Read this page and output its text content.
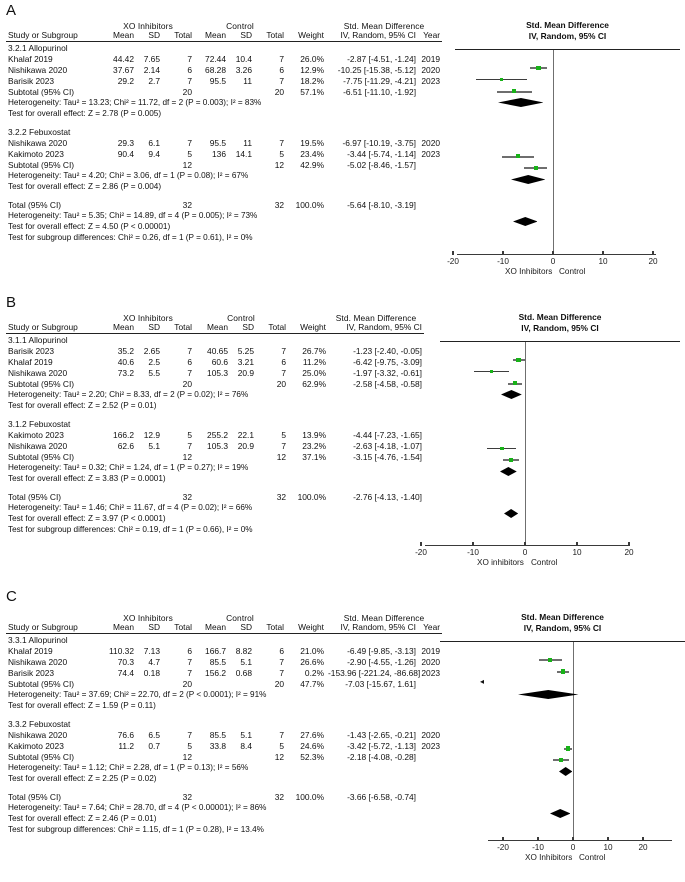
A
	XO Inhibitors			Control				Std. Mean Difference	
Study or Subgroup	Mean	SD	Total	Mean	SD	Total	Weight	IV, Random, 95% CI	Year

3.2.1 Allopurinol									
Khalaf 2019	44.42	7.65	7	72.44	10.4	7	26.0%	-2.87 [-4.51, -1.24]	2019
Nishikawa 2020	37.67	2.14	6	68.28	3.26	6	12.9%	-10.25 [-15.38, -5.12]	2020
Barisik 2023	29.2	2.7	7	95.5	11	7	18.2%	-7.75 [-11.29, -4.21]	2023
Subtotal (95% CI)			20			20	57.1%	-6.51 [-11.10, -1.92]	
Heterogeneity: Tau² = 13.23; Chi² = 11.72, df = 2 (P = 0.003); I² = 83%									
Test for overall effect: Z = 2.78 (P = 0.005)									

3.2.2 Febuxostat									
Nishikawa 2020	29.3	6.1	7	95.5	11	7	19.5%	-6.97 [-10.19, -3.75]	2020
Kakimoto 2023	90.4	9.4	5	136	14.1	5	23.4%	-3.44 [-5.74, -1.14]	2023
Subtotal (95% CI)			12			12	42.9%	-5.02 [-8.46, -1.57]	
Heterogeneity: Tau² = 4.20; Chi² = 3.06, df = 1 (P = 0.08); I² = 67%									
Test for overall effect: Z = 2.86 (P = 0.004)									

Total (95% CI)			32			32	100.0%	-5.64 [-8.10, -3.19]	
Heterogeneity: Tau² = 5.35; Chi² = 14.89, df = 4 (P = 0.005); I² = 73%									
Test for overall effect: Z = 4.50 (P < 0.00001)									
Test for subgroup differences: Chi² = 0.26, df = 1 (P = 0.61), I² = 0%									
Std. Mean Difference
IV, Random, 95% CI
-20	-10	0	10	20
XO Inhibitors Control
B
	XO Inhibitors			Control				Std. Mean Difference
Study or Subgroup	Mean	SD	Total	Mean	SD	Total	Weight	IV, Random, 95% CI

3.1.1 Allopurinol								
Barisik 2023	35.2	2.65	7	40.65	5.25	7	26.7%	-1.23 [-2.40, -0.05]
Khalaf 2019	40.6	2.5	6	60.6	3.21	6	11.2%	-6.42 [-9.75, -3.09]
Nishikawa 2020	73.2	5.5	7	105.3	20.9	7	25.0%	-1.97 [-3.32, -0.61]
Subtotal (95% CI)			20			20	62.9%	-2.58 [-4.58, -0.58]
Heterogeneity: Tau² = 2.20; Chi² = 8.33, df = 2 (P = 0.02); I² = 76%								
Test for overall effect: Z = 2.52 (P = 0.01)								

3.1.2 Febuxostat								
Kakimoto 2023	166.2	12.9	5	255.2	22.1	5	13.9%	-4.44 [-7.23, -1.65]
Nishikawa 2020	62.6	5.1	7	105.3	20.9	7	23.2%	-2.63 [-4.18, -1.07]
Subtotal (95% CI)			12			12	37.1%	-3.15 [-4.76, -1.54]
Heterogeneity: Tau² = 0.32; Chi² = 1.24, df = 1 (P = 0.27); I² = 19%								
Test for overall effect: Z = 3.83 (P = 0.0001)								

Total (95% CI)			32			32	100.0%	-2.76 [-4.13, -1.40]
Heterogeneity: Tau² = 1.46; Chi² = 11.67, df = 4 (P = 0.02); I² = 66%								
Test for overall effect: Z = 3.97 (P < 0.0001)								
Test for subgroup differences: Chi² = 0.19, df = 1 (P = 0.66), I² = 0%								
Std. Mean Difference
IV, Random, 95% CI
-20	-10	0	10	20
XO inhibitors Control
C
	XO Inhibitors			Control				Std. Mean Difference	
Study or Subgroup	Mean	SD	Total	Mean	SD	Total	Weight	IV, Random, 95% CI	Year

3.3.1 Allopurinol									
Khalaf 2019	110.32	7.13	6	166.7	8.82	6	21.0%	-6.49 [-9.85, -3.13]	2019
Nishikawa 2020	70.3	4.7	7	85.5	5.1	7	26.6%	-2.90 [-4.55, -1.26]	2020
Barisik 2023	74.4	0.18	7	156.2	0.68	7	0.2%	-153.96 [-221.24, -86.68]	2023
Subtotal (95% CI)			20			20	47.7%	-7.03 [-15.67, 1.61]	
Heterogeneity: Tau² = 37.69; Chi² = 22.70, df = 2 (P < 0.0001); I² = 91%									
Test for overall effect: Z = 1.59 (P = 0.11)									

3.3.2 Febuxostat									
Nishikawa 2020	76.6	6.5	7	85.5	5.1	7	27.6%	-1.43 [-2.65, -0.21]	2020
Kakimoto 2023	11.2	0.7	5	33.8	8.4	5	24.6%	-3.42 [-5.72, -1.13]	2023
Subtotal (95% CI)			12			12	52.3%	-2.18 [-4.08, -0.28]	
Heterogeneity: Tau² = 1.12; Chi² = 2.28, df = 1 (P = 0.13); I² = 56%									
Test for overall effect: Z = 2.25 (P = 0.02)									

Total (95% CI)			32			32	100.0%	-3.66 [-6.58, -0.74]	
Heterogeneity: Tau² = 7.64; Chi² = 28.70, df = 4 (P < 0.00001); I² = 86%									
Test for overall effect: Z = 2.46 (P = 0.01)									
Test for subgroup differences: Chi² = 1.15, df = 1 (P = 0.28), I² = 13.4%									
Std. Mean Difference
IV, Random, 95% CI
◂
-20	-10	0	10	20
XO Inhibitors Control
